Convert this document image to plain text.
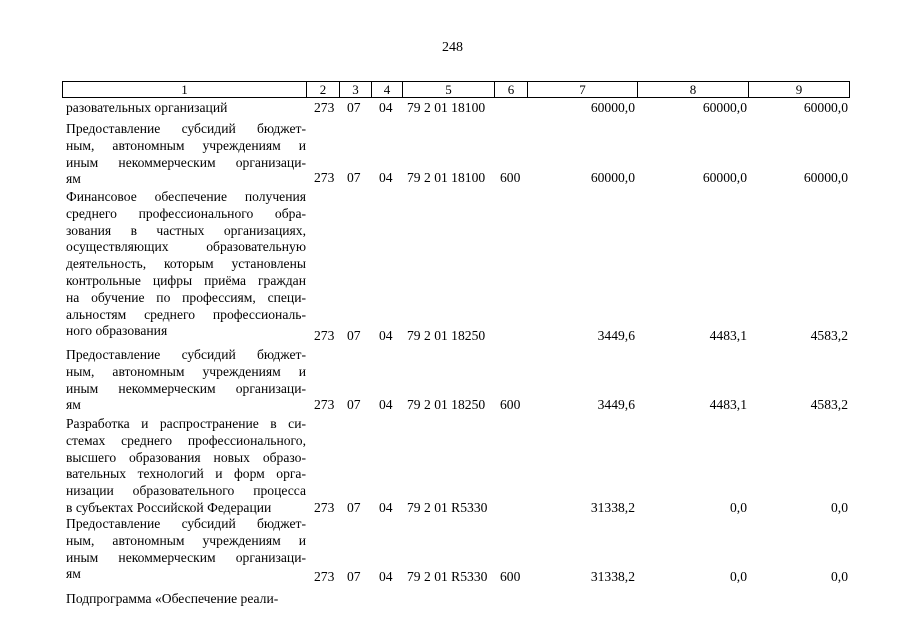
248
1	2	3	4	5	6	7	8	9
разовательных организаций	273 07 04 79 2 01 18100	60000,0	60000,0	60000,0
Предоставление субсидий бюджет-
ным, автономным учреждениям и
иным некоммерческим организаци-
ям	273 07 04 79 2 01 18100 600	60000,0	60000,0	60000,0
Финансовое обеспечение получения
среднего профессионального обра-
зования в частных организациях,
осуществляющих образовательную
деятельность, которым установлены
контрольные цифры приёма граждан
на обучение по профессиям, специ-
альностям среднего профессиональ-
ного образования	273 07 04 79 2 01 18250	3449,6	4483,1	4583,2
Предоставление субсидий бюджет-
ным, автономным учреждениям и
иным некоммерческим организаци-
ям	273 07 04 79 2 01 18250 600	3449,6	4483,1	4583,2
Разработка и распространение в си-
стемах среднего профессионального,
высшего образования новых образо-
вательных технологий и форм орга-
низации образовательного процесса
в субъектах Российской Федерации	273 07 04 79 2 01 R5330	31338,2	0,0	0,0
Предоставление субсидий бюджет-
ным, автономным учреждениям и
иным некоммерческим организаци-
ям	273 07 04 79 2 01 R5330 600	31338,2	0,0	0,0
Подпрограмма «Обеспечение реали-
